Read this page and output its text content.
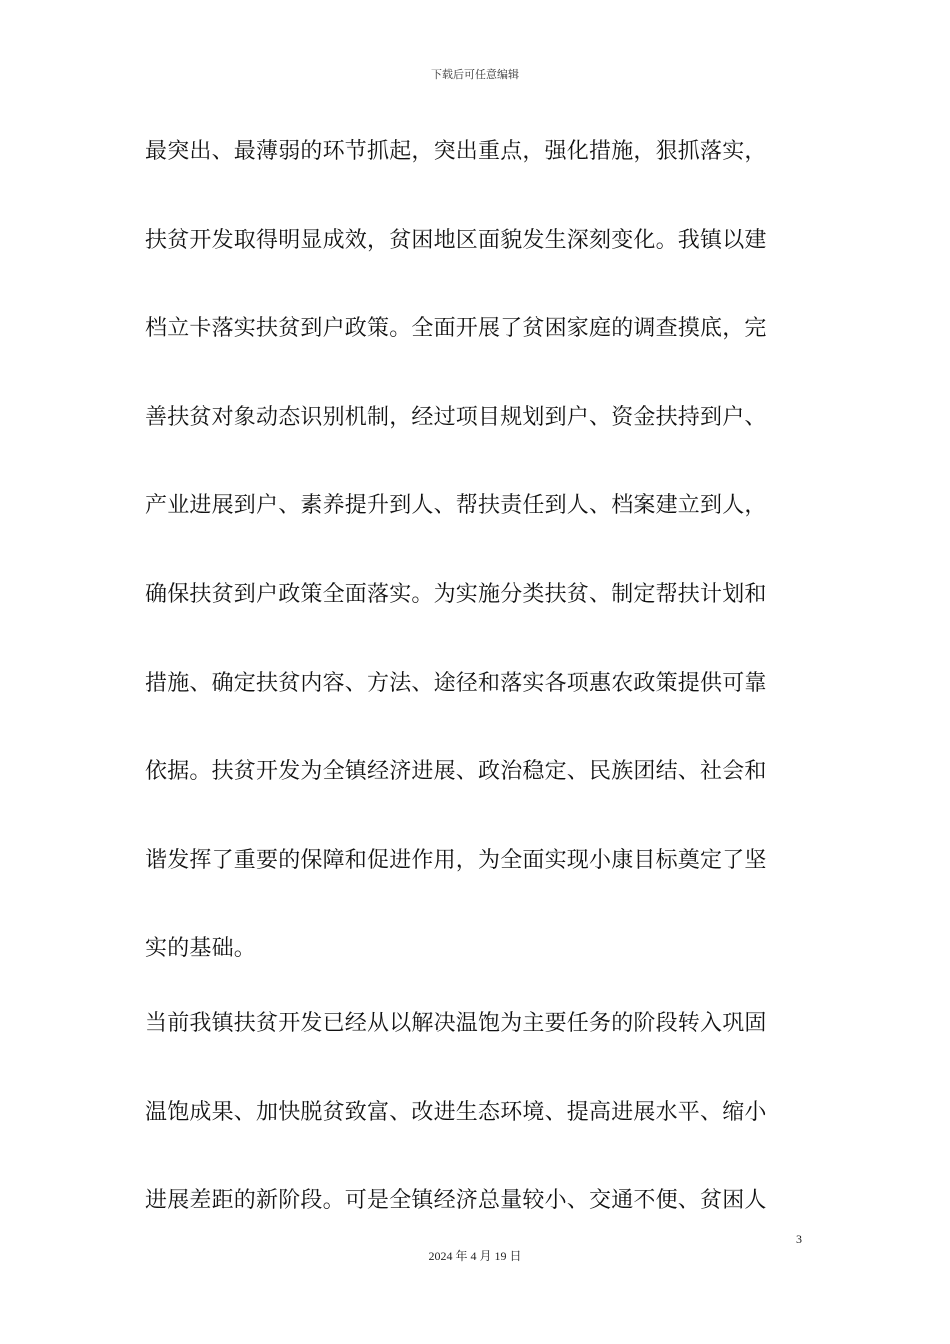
下载后可任意编辑
最突出、最薄弱的环节抓起，突出重点，强化措施，狠抓落实，
扶贫开发取得明显成效，贫困地区面貌发生深刻变化。我镇以建
档立卡落实扶贫到户政策。全面开展了贫困家庭的调查摸底，完
善扶贫对象动态识别机制，经过项目规划到户、资金扶持到户、
产业进展到户、素养提升到人、帮扶责任到人、档案建立到人，
确保扶贫到户政策全面落实。为实施分类扶贫、制定帮扶计划和
措施、确定扶贫内容、方法、途径和落实各项惠农政策提供可靠
依据。扶贫开发为全镇经济进展、政治稳定、民族团结、社会和
谐发挥了重要的保障和促进作用，为全面实现小康目标奠定了坚
实的基础。
当前我镇扶贫开发已经从以解决温饱为主要任务的阶段转入巩固
温饱成果、加快脱贫致富、改进生态环境、提高进展水平、缩小
进展差距的新阶段。可是全镇经济总量较小、交通不便、贫困人
3
2024 年 4 月 19 日
